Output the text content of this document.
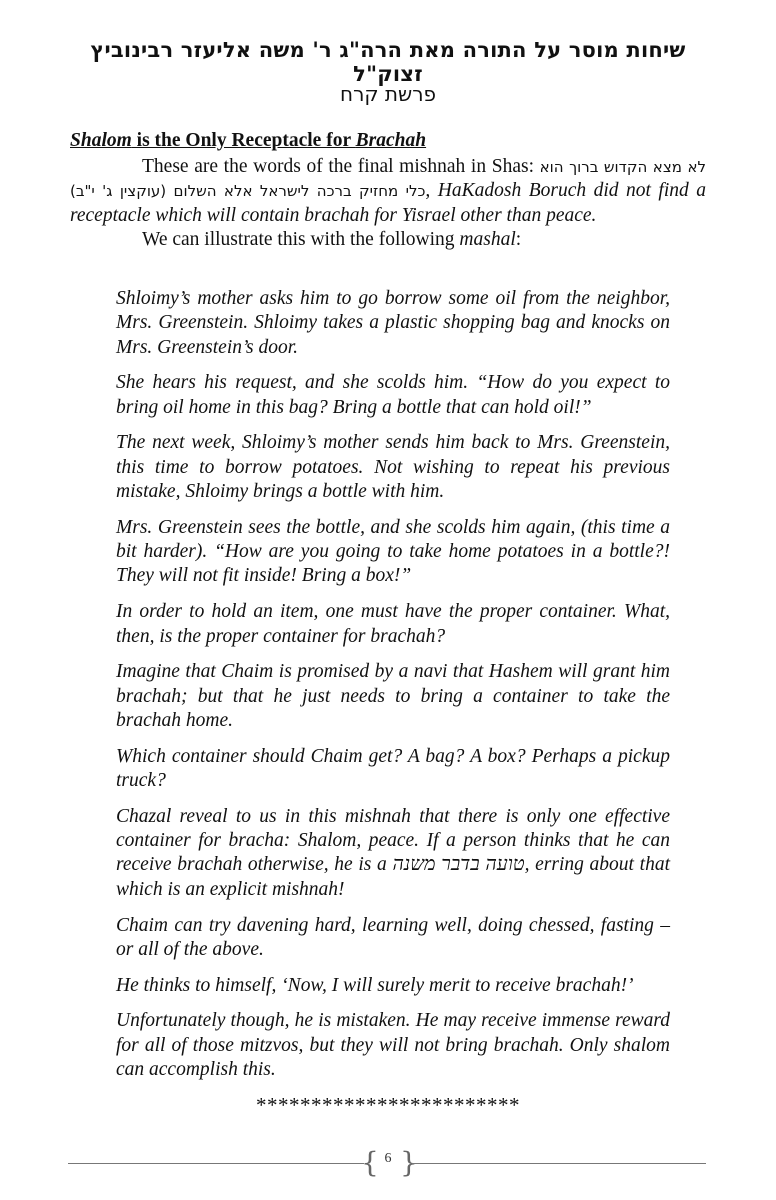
שיחות מוסר על התורה מאת הרה"ג ר' משה אליעזר רבינוביץ זצוק"ל
פרשת קרח
Shalom is the Only Receptacle for Brachah

These are the words of the final mishnah in Shas: לא מצא הקדוש ברוך הוא כלי מחזיק ברכה לישראל אלא השלום (עוקצין ג' י"ב), HaKadosh Boruch did not find a receptacle which will contain brachah for Yisrael other than peace.

We can illustrate this with the following mashal:

Shloimy’s mother asks him to go borrow some oil from the neighbor, Mrs. Greenstein. Shloimy takes a plastic shopping bag and knocks on Mrs. Greenstein’s door.

She hears his request, and she scolds him. “How do you expect to bring oil home in this bag? Bring a bottle that can hold oil!”

The next week, Shloimy’s mother sends him back to Mrs. Greenstein, this time to borrow potatoes. Not wishing to repeat his previous mistake, Shloimy brings a bottle with him.

Mrs. Greenstein sees the bottle, and she scolds him again, (this time a bit harder). “How are you going to take home potatoes in a bottle?! They will not fit inside! Bring a box!”

In order to hold an item, one must have the proper container. What, then, is the proper container for brachah?

Imagine that Chaim is promised by a navi that Hashem will grant him brachah; but that he just needs to bring a container to take the brachah home.

Which container should Chaim get? A bag? A box? Perhaps a pickup truck?

Chazal reveal to us in this mishnah that there is only one effective container for bracha: Shalom, peace. If a person thinks that he can receive brachah otherwise, he is a טועה בדבר משנה, erring about that which is an explicit mishnah!

Chaim can try davening hard, learning well, doing chessed, fasting – or all of the above.

He thinks to himself, ‘Now, I will surely merit to receive brachah!’

Unfortunately though, he is mistaken. He may receive immense reward for all of those mitzvos, but they will not bring brachah. Only shalom can accomplish this.

************************
{ 6 }
